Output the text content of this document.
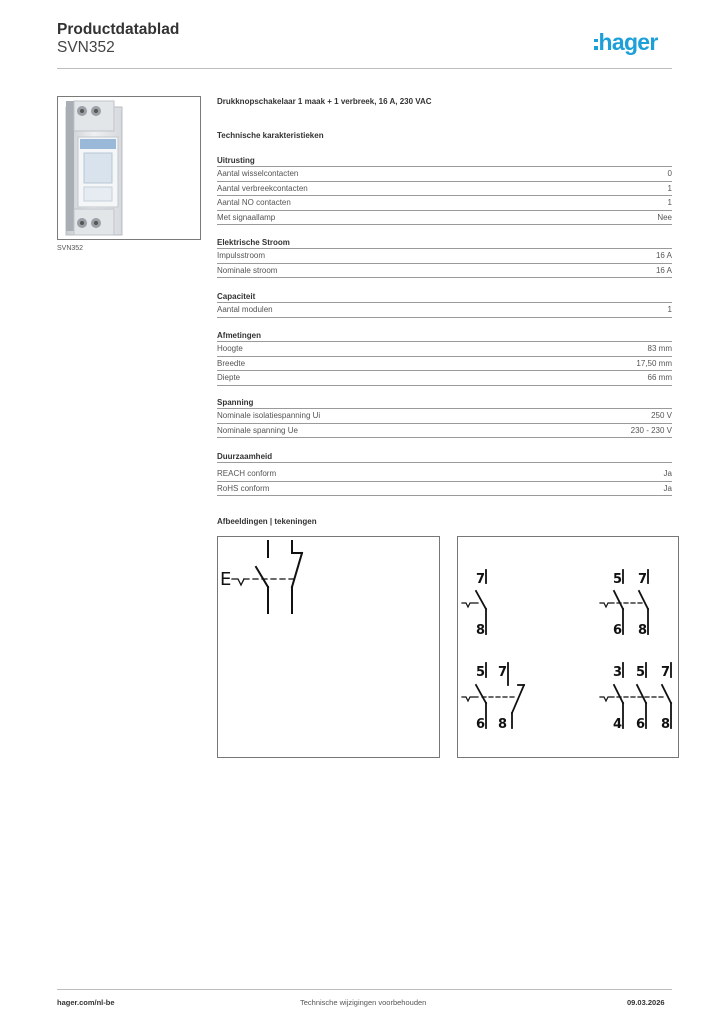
Productdatablad
SVN352	hager
SVN352
Drukknopschakelaar 1 maak + 1 verbreek, 16 A, 230 VAC
Technische karakteristieken
Uitrusting
Aantal wisselcontacten	0
Aantal verbreekcontacten	1
Aantal NO contacten	1
Met signaallamp	Nee
Elektrische Stroom
Impulsstroom	16 A
Nominale stroom	16 A
Capaciteit
Aantal modulen	1
Afmetingen
Hoogte	83 mm
Breedte	17,50 mm
Diepte	66 mm
Spanning
Nominale isolatiespanning Ui	250 V
Nominale spanning Ue	230 - 230 V
Duurzaamheid
REACH conform	Ja
RoHS conform	Ja
Afbeeldingen | tekeningen
E	7
8
5 7
6 8
5 7
6 8
3 5 7
4 6 8
hager.com/nl-be	Technische wijzigingen voorbehouden	09.03.2026
